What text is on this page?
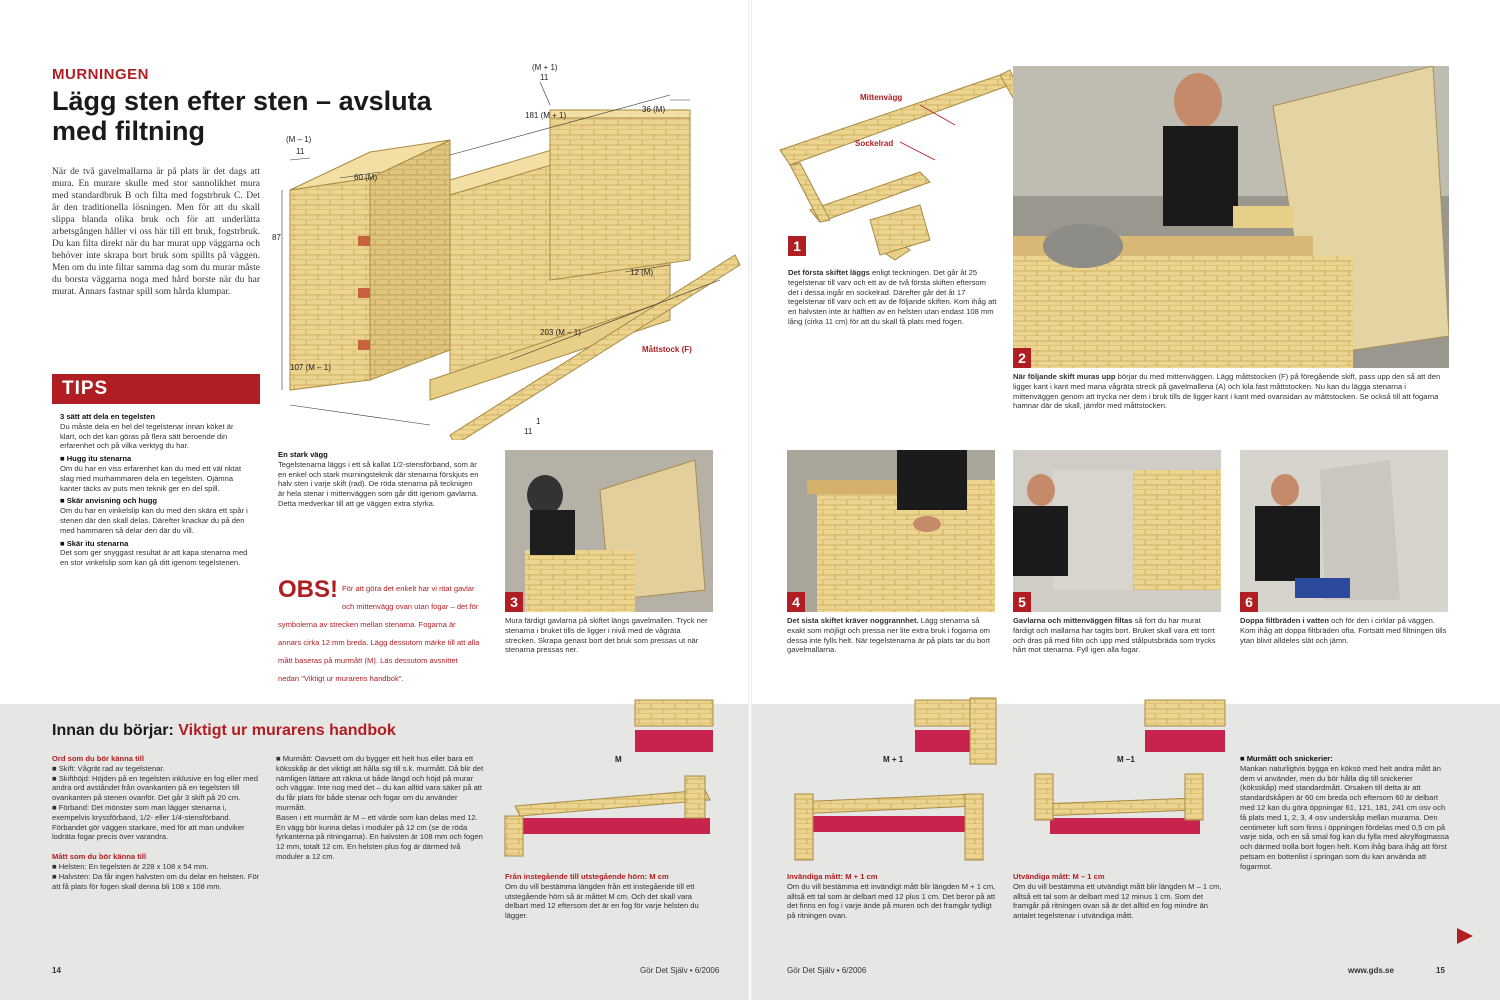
MURNINGEN
Lägg sten efter sten – avsluta
med filtning
När de två gavelmallarna är på plats är det dags att mura. En murare skulle med stor sannolikhet mura med standardbruk B och filta med fogstrbruk C. Det är den traditionella lösningen. Men för att du skall slippa blanda olika bruk och för att underlätta arbetsgången håller vi oss här till ett bruk, fogstrbruk. Du kan filta direkt när du har murat upp väggarna och behöver inte skrapa bort bruk som spillts på väggen. Men om du inte filtar samma dag som du murar måste du borsta väggarna noga med hård borste när du har murat. Annars fastnar spill som hårda klumpar.
(M + 1)
11
181 (M + 1)
36 (M)
(M – 1)
11
60 (M)
87
12 (M)
203 (M – 1)
107 (M – 1)
1
11
Måttstock (F)
TIPS
3 sätt att dela en tegelsten
Du måste dela en hel del tegelstenar innan köket är klart, och det kan göras på flera sätt beroende din erfarenhet och på vilka verktyg du har.
■ Hugg itu stenarna
Om du har en viss erfarenhet kan du med ett väl riktat slag med murhammaren dela en tegelsten. Ojämna kanter täcks av puts men teknik ger en del spill.
■ Skär anvisning och hugg
Om du har en vinkelslip kan du med den skära ett spår i stenen där den skall delas. Därefter knackar du på den med hammaren så delar den där du vill.
■ Skär itu stenarna
Det som ger snyggast resultat är att kapa stenarna med en stor vinkelslip som kan gå ditt igenom tegelstenen.
En stark vägg
Tegelstenarna läggs i ett så kallat 1/2-stensförband, som är en enkel och stark murningsteknik där stenarna förskjuts en halv sten i varje skift (rad). De röda stenarna på tecknigen är hela stenar i mittenväggen som går ditt igenom gavlarna. Detta medverkar till att ge väggen extra styrka.
OBS! För att göra det enkelt har vi ritat gavlar och mittenvägg ovan utan fogar – det för symbolerna av strecken mellan stenarna. Fogarna är annars cirka 12 mm breda. Lägg dessutom märke till att alla mått baseras på murmått (M). Läs dessutom avsnittet nedan "Viktigt ur murarens handbok".
3
Mura färdigt gavlarna på skiftet längs gavelmallen. Tryck ner stenarna i bruket tills de ligger i nivå med de vågräta strecken. Skrapa genast bort det bruk som pressas ut när stenarna pressas ner.
Mittenvägg
Sockelrad
1
Det första skiftet läggs enligt teckningen. Det går åt 25 tegelstenar till varv och ett av de två första skiften eftersom det i dessa ingår en sockelrad. Därefter går det åt 17 tegelstenar till varv och ett av de följande skiften. Kom ihåg att en halvsten inte är hälften av en helsten utan endast 108 mm lång (cirka 11 cm) för att du skall få plats med fogen.
2
När följande skift muras upp börjar du med mittenväggen. Lägg måttstocken (F) på föregående skift, pass upp den så att den ligger kant i kant med mana vågräta streck på gavelmallena (A) och kila fast måttstocken. Nu kan du lägga stenarna i mittenväggen genom att trycka ner dem i bruk tills de ligger kant i kant med ovansidan av måttstocken. Se också till att fogarna hamnar där de skall, jämför med måttstocken.
4
Det sista skiftet kräver noggrannhet. Lägg stenarna så exakt som möjligt och pressa ner lite extra bruk i fogarna om dessa inte fylls helt. När tegelstenarna är på plats tar du bort gavelmallarna.
5
Gavlarna och mittenväggen filtas så fort du har murat färdigt och mallarna har tagits bort. Bruket skall vara ett torrt och dras på med filtn och upp med stålputsbräda som trycks hårt mot stenarna. Fyll igen alla fogar.
6
Doppa filtbräden i vatten och för den i cirklar på väggen. Kom ihåg att doppa filtbräden ofta. Fortsätt med filtningen tills ytan blivit alldeles slät och jämn.
Innan du börjar: Viktigt ur murarens handbok
Ord som du bör känna till
■ Skift: Vågrät rad av tegelstenar.
■ Skifthöjd: Höjden på en tegelsten inklusive en fog eller med andra ord avståndet från ovankanten på en tegelsten till ovankanten på stenen ovanför. Det går 3 skift på 20 cm.
■ Förband: Det mönster som man lägger stenarna i, exempelvis kryssförband, 1/2- eller 1/4-stensförband. Förbandet gör väggen starkare, med för att man undviker lodräta fogar precis över varandra.
Mått som du bör känna till
■ Helsten: En tegelsten är 228 x 108 x 54 mm.
■ Halvsten: Da får ingen halvsten om du delar en helsten. För att få plats för fogen skall denna bli 108 x 108 mm.
■ Murmått: Oavsett om du bygger ett helt hus eller bara ett köksskåp är det viktigt att hålla sig till s.k. murmått. Då blir det nämligen lättare att räkna ut både längd och höjd på murar och väggar. Inte nog med det – du kan alltid vara säker på att du får plats för både stenar och fogar om du använder murmått.
Basen i ett murmått är M – ett värde som kan delas med 12. En vägg bör kunna delas i moduler på 12 cm (se de röda fyrkanterna på ritningarna). En halvsten är 108 mm och fogen 12 mm, totalt 12 cm. En helsten plus fog är därmed två moduler a 12 cm.
M	M + 1	M –1
Från instegående till utstegående hörn: M cm
Om du vill bestämma längden från ett instegående till ett utstegående hörn så är måttet M cm. Och det skall vara delbart med 12 eftersom det är en fog för varje helsten du lägger.
Invändiga mått: M + 1 cm
Om du vill bestämma ett invändigt mått blir längden M + 1 cm, alltså ett tal som är delbart med 12 plus 1 cm. Det beror på att det finns en fog i varje ände på muren och det framgår tydligt på ritningen ovan.
Utvändiga mått: M – 1 cm
Om du vill bestämma ett utvändigt mått blir längden M – 1 cm, alltså ett tal som är delbart med 12 minus 1 cm. Som det framgår på ritningen ovan så är det alltid en fog mindre än antalet tegelstenar i utvändiga mått.
■ Murmått och snickerier:
Mankan naturligtvis bygga en köksö med helt andra mått än dem vi använder, men du bör hålla dig till snickerier (köksskåp) med standardmått. Orsaken till detta är att standardskåpen är 60 cm breda och eftersom 60 är delbart med 12 kan du göra öppningar 61, 121, 181, 241 cm osv och få plats med 1, 2, 3, 4 osv underskåp mellan murarna. Den centimeter luft som finns i öppningen fördelas med 0,5 cm på varje sida, och en så smal fog kan du fylla med akrylfogmassa och därmed trolla bort fogen helt. Kom ihåg bara ihåg att först petsam en bottenlist i springan som du kan använda att fogarmot.
14	Gör Det Själv • 6/2006	Gör Det Själv • 6/2006	www.gds.se	15
